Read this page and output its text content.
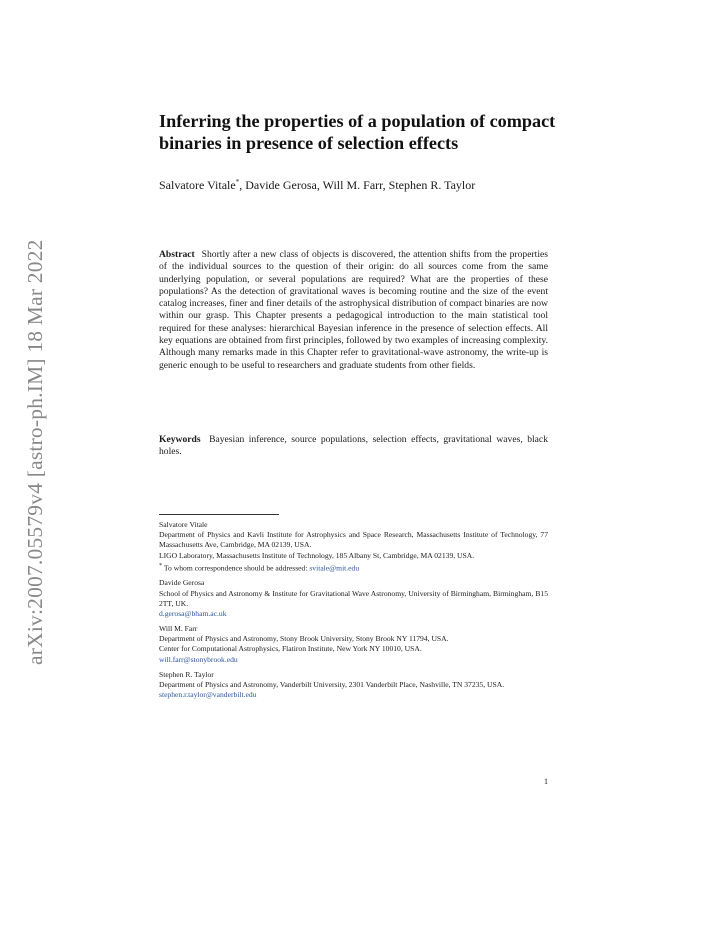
arXiv:2007.05579v4 [astro-ph.IM] 18 Mar 2022
Inferring the properties of a population of compact binaries in presence of selection effects
Salvatore Vitale*, Davide Gerosa, Will M. Farr, Stephen R. Taylor
Abstract Shortly after a new class of objects is discovered, the attention shifts from the properties of the individual sources to the question of their origin: do all sources come from the same underlying population, or several populations are required? What are the properties of these populations? As the detection of gravitational waves is becoming routine and the size of the event catalog increases, finer and finer details of the astrophysical distribution of compact binaries are now within our grasp. This Chapter presents a pedagogical introduction to the main statistical tool required for these analyses: hierarchical Bayesian inference in the presence of selection effects. All key equations are obtained from first principles, followed by two examples of increasing complexity. Although many remarks made in this Chapter refer to gravitational-wave astronomy, the write-up is generic enough to be useful to researchers and graduate students from other fields.
Keywords Bayesian inference, source populations, selection effects, gravitational waves, black holes.
Salvatore Vitale
Department of Physics and Kavli Institute for Astrophysics and Space Research, Massachusetts Institute of Technology, 77 Massachusetts Ave, Cambridge, MA 02139, USA.
LIGO Laboratory, Massachusetts Institute of Technology, 185 Albany St, Cambridge, MA 02139, USA.
* To whom correspondence should be addressed: svitale@mit.edu
Davide Gerosa
School of Physics and Astronomy & Institute for Gravitational Wave Astronomy, University of Birmingham, Birmingham, B15 2TT, UK.
d.gerosa@bham.ac.uk
Will M. Farr
Department of Physics and Astronomy, Stony Brook University, Stony Brook NY 11794, USA.
Center for Computational Astrophysics, Flatiron Institute, New York NY 10010, USA.
will.farr@stonybrook.edu
Stephen R. Taylor
Department of Physics and Astronomy, Vanderbilt University, 2301 Vanderbilt Place, Nashville, TN 37235, USA.
stephen.r.taylor@vanderbilt.edu
1
